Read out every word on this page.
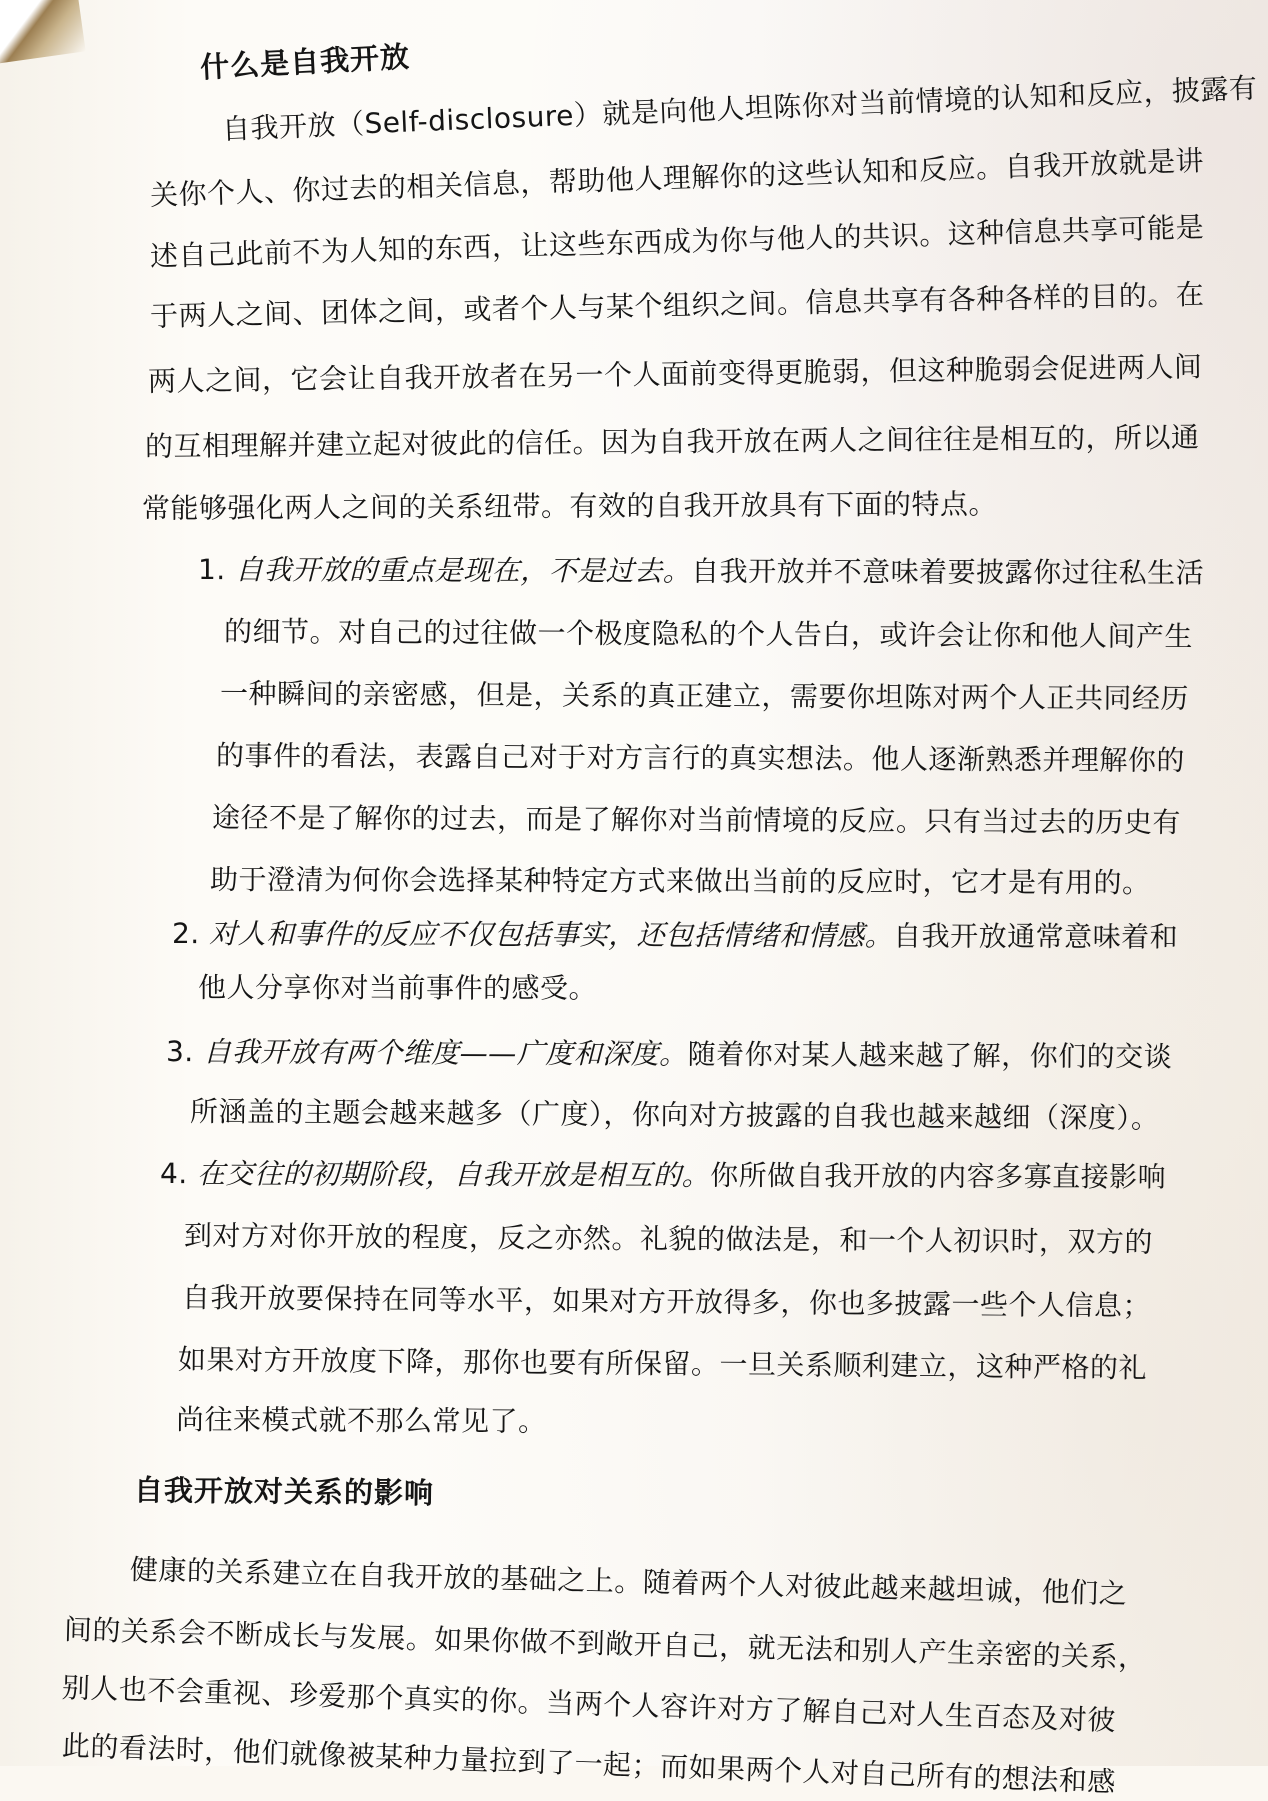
什么是自我开放
自我开放（Self-disclosure）就是向他人坦陈你对当前情境的认知和反应，披露有
关你个人、你过去的相关信息，帮助他人理解你的这些认知和反应。自我开放就是讲
述自己此前不为人知的东西，让这些东西成为你与他人的共识。这种信息共享可能是
于两人之间、团体之间，或者个人与某个组织之间。信息共享有各种各样的目的。在
两人之间，它会让自我开放者在另一个人面前变得更脆弱，但这种脆弱会促进两人间
的互相理解并建立起对彼此的信任。因为自我开放在两人之间往往是相互的，所以通
常能够强化两人之间的关系纽带。有效的自我开放具有下面的特点。
1. 自我开放的重点是现在，不是过去。自我开放并不意味着要披露你过往私生活
的细节。对自己的过往做一个极度隐私的个人告白，或许会让你和他人间产生
一种瞬间的亲密感，但是，关系的真正建立，需要你坦陈对两个人正共同经历
的事件的看法，表露自己对于对方言行的真实想法。他人逐渐熟悉并理解你的
途径不是了解你的过去，而是了解你对当前情境的反应。只有当过去的历史有
助于澄清为何你会选择某种特定方式来做出当前的反应时，它才是有用的。
2. 对人和事件的反应不仅包括事实，还包括情绪和情感。自我开放通常意味着和
他人分享你对当前事件的感受。
3. 自我开放有两个维度——广度和深度。随着你对某人越来越了解，你们的交谈
所涵盖的主题会越来越多（广度），你向对方披露的自我也越来越细（深度）。
4. 在交往的初期阶段，自我开放是相互的。你所做自我开放的内容多寡直接影响
到对方对你开放的程度，反之亦然。礼貌的做法是，和一个人初识时，双方的
自我开放要保持在同等水平，如果对方开放得多，你也多披露一些个人信息；
如果对方开放度下降，那你也要有所保留。一旦关系顺利建立，这种严格的礼
尚往来模式就不那么常见了。
自我开放对关系的影响
健康的关系建立在自我开放的基础之上。随着两个人对彼此越来越坦诚，他们之
间的关系会不断成长与发展。如果你做不到敞开自己，就无法和别人产生亲密的关系，
别人也不会重视、珍爱那个真实的你。当两个人容许对方了解自己对人生百态及对彼
此的看法时，他们就像被某种力量拉到了一起；而如果两个人对自己所有的想法和感
